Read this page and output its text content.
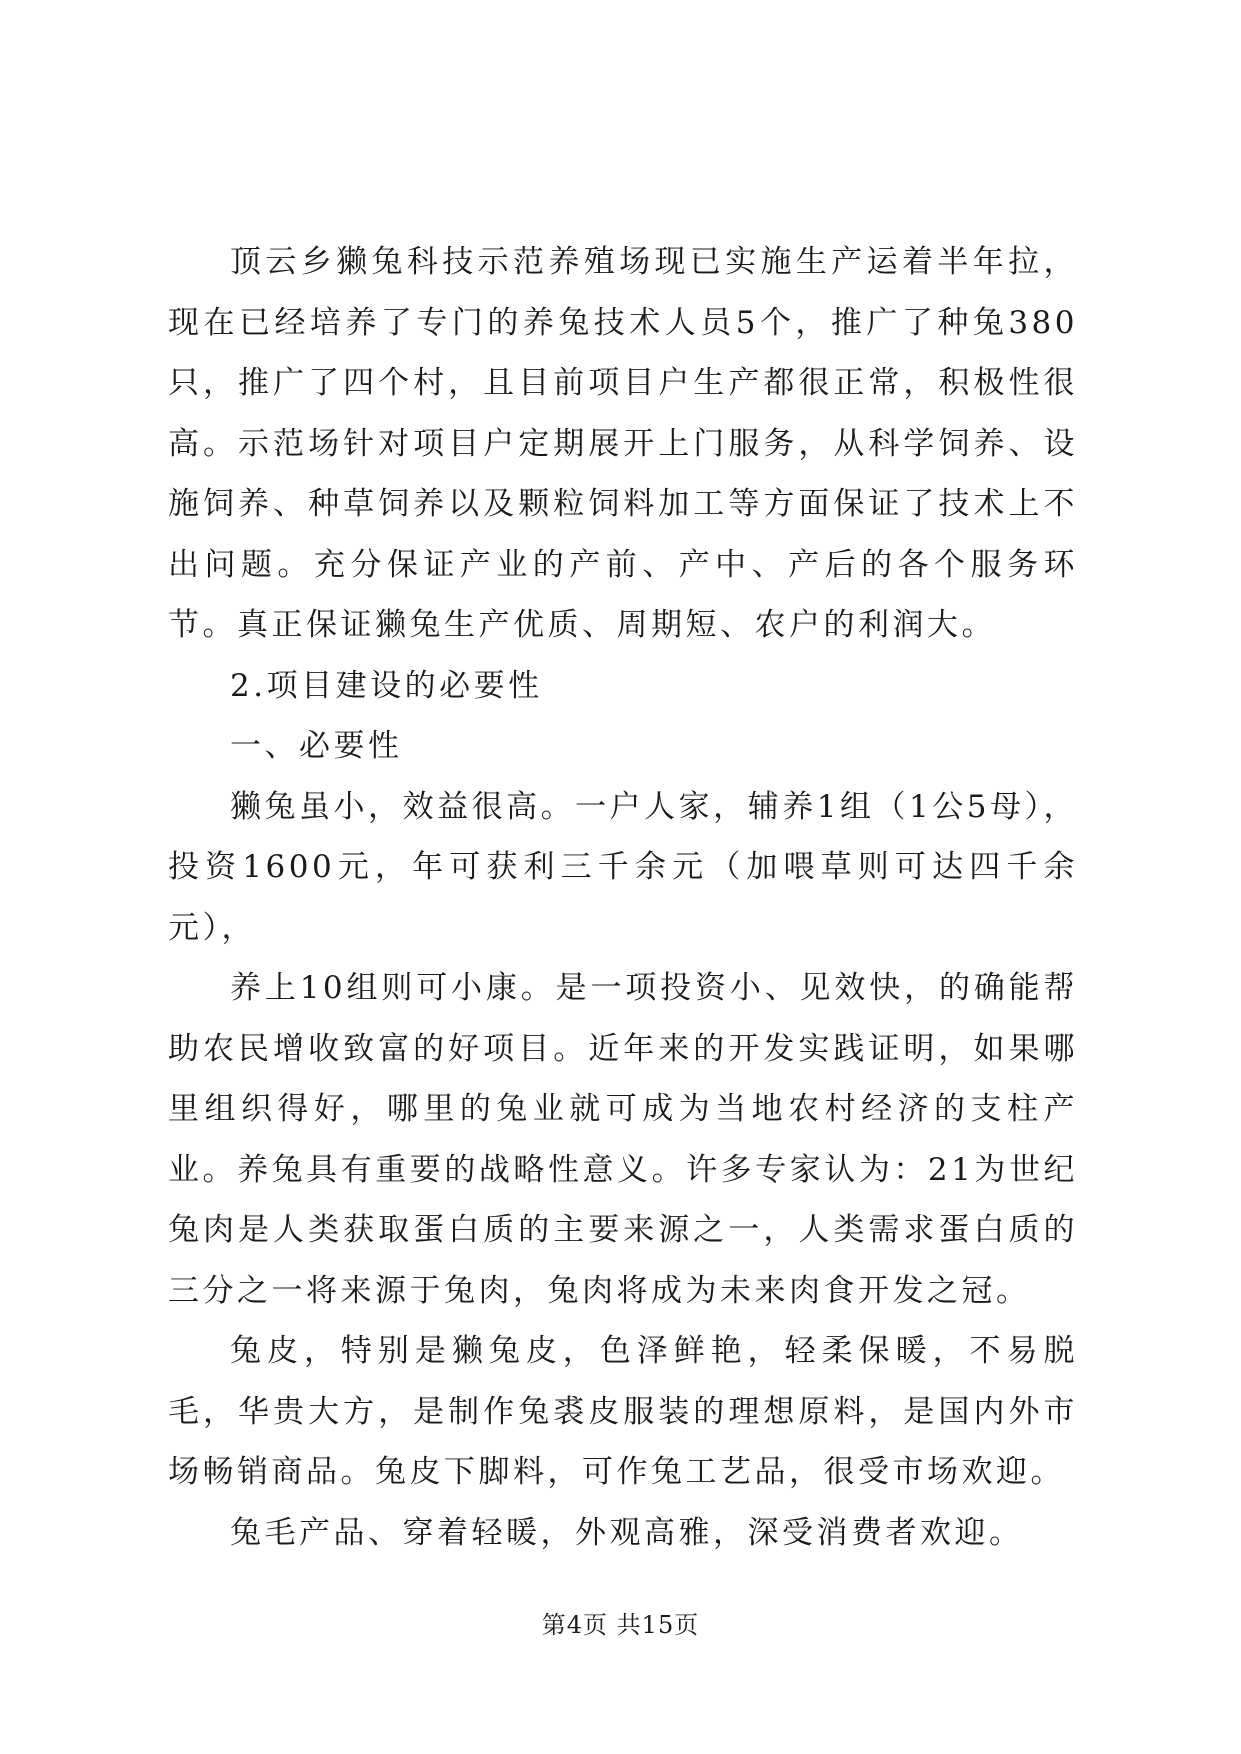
顶云乡獭兔科技示范养殖场现已实施生产运着半年拉，现在已经培养了专门的养兔技术人员5个，推广了种兔380只，推广了四个村，且目前项目户生产都很正常，积极性很高。示范场针对项目户定期展开上门服务，从科学饲养、设施饲养、种草饲养以及颗粒饲料加工等方面保证了技术上不出问题。充分保证产业的产前、产中、产后的各个服务环节。真正保证獭兔生产优质、周期短、农户的利润大。

2.项目建设的必要性

一、必要性

獭兔虽小，效益很高。一户人家，辅养1组（1公5母），投资1600元，年可获利三千余元（加喂草则可达四千余元），

养上10组则可小康。是一项投资小、见效快，的确能帮助农民增收致富的好项目。近年来的开发实践证明，如果哪里组织得好，哪里的兔业就可成为当地农村经济的支柱产业。养兔具有重要的战略性意义。许多专家认为：21为世纪兔肉是人类获取蛋白质的主要来源之一，人类需求蛋白质的三分之一将来源于兔肉，兔肉将成为未来肉食开发之冠。

兔皮，特别是獭兔皮，色泽鲜艳，轻柔保暖，不易脱毛，华贵大方，是制作兔裘皮服装的理想原料，是国内外市场畅销商品。兔皮下脚料，可作兔工艺品，很受市场欢迎。

兔毛产品、穿着轻暖，外观高雅，深受消费者欢迎。

第4页 共15页
